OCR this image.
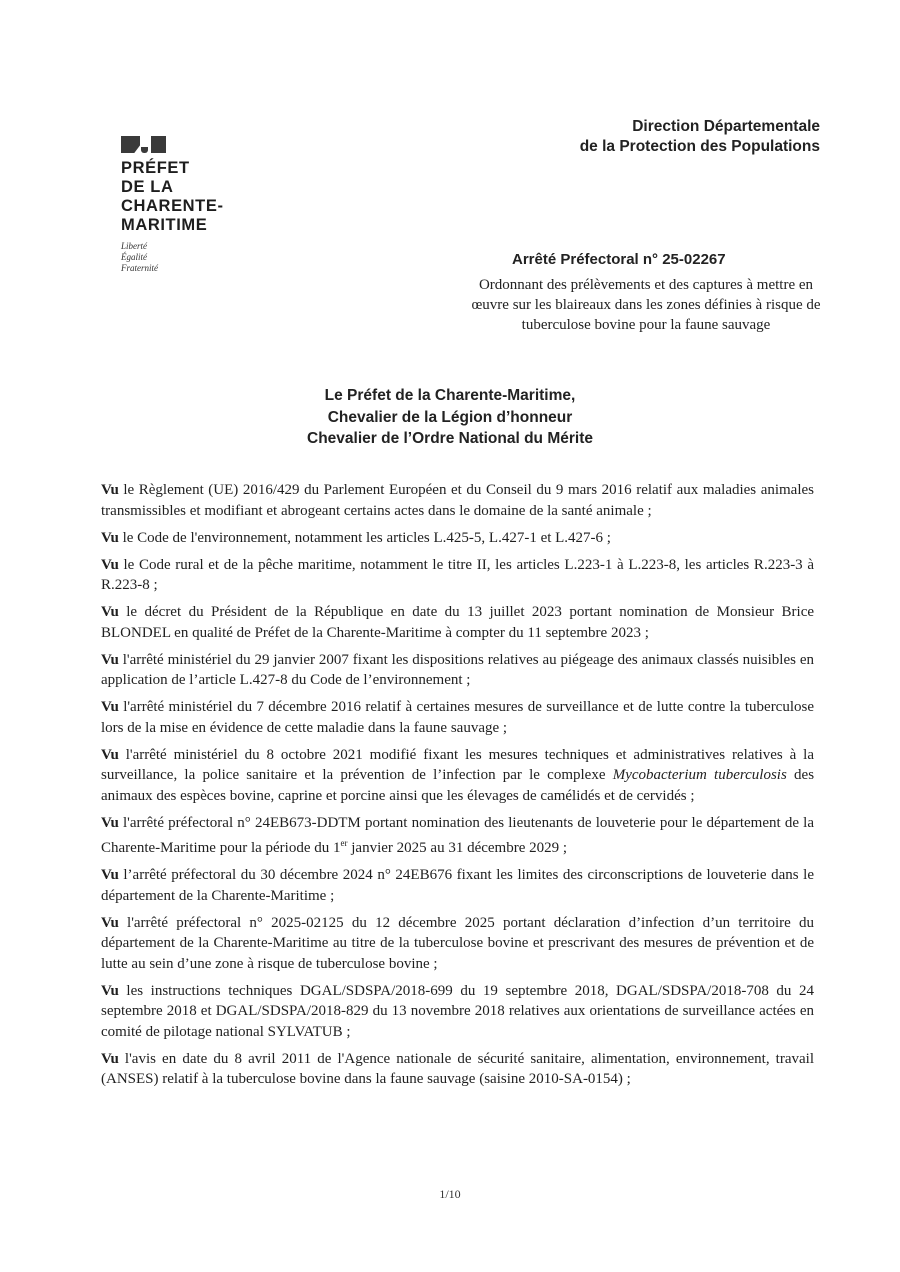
PRÉFET
DE LA
CHARENTE-
MARITIME
Liberté
Égalité
Fraternité
Direction Départementale
de la Protection des Populations
Arrêté Préfectoral n° 25-02267
Ordonnant des prélèvements et des captures à mettre en œuvre sur les blaireaux dans les zones définies à risque de tuberculose bovine pour la faune sauvage
Le Préfet de la Charente-Maritime,
Chevalier de la Légion d’honneur
Chevalier de l’Ordre National du Mérite

Vu le Règlement (UE) 2016/429 du Parlement Européen et du Conseil du 9 mars 2016 relatif aux maladies animales transmissibles et modifiant et abrogeant certains actes dans le domaine de la santé animale ;

Vu le Code de l'environnement, notamment les articles L.425-5, L.427-1 et L.427-6 ;

Vu le Code rural et de la pêche maritime, notamment le titre II, les articles L.223-1 à L.223-8, les articles R.223-3 à R.223-8 ;

Vu le décret du Président de la République en date du 13 juillet 2023 portant nomination de Monsieur Brice BLONDEL en qualité de Préfet de la Charente-Maritime à compter du 11 septembre 2023 ;

Vu l'arrêté ministériel du 29 janvier 2007 fixant les dispositions relatives au piégeage des animaux classés nuisibles en application de l’article L.427-8 du Code de l’environnement ;

Vu l'arrêté ministériel du 7 décembre 2016 relatif à certaines mesures de surveillance et de lutte contre la tuberculose lors de la mise en évidence de cette maladie dans la faune sauvage ;

Vu l'arrêté ministériel du 8 octobre 2021 modifié fixant les mesures techniques et administratives relatives à la surveillance, la police sanitaire et la prévention de l’infection par le complexe Mycobacterium tuberculosis des animaux des espèces bovine, caprine et porcine ainsi que les élevages de camélidés et de cervidés ;

Vu l'arrêté préfectoral n° 24EB673-DDTM portant nomination des lieutenants de louveterie pour le département de la Charente-Maritime pour la période du 1er janvier 2025 au 31 décembre 2029 ;

Vu l’arrêté préfectoral du 30 décembre 2024 n° 24EB676 fixant les limites des circonscriptions de louveterie dans le département de la Charente-Maritime ;

Vu l'arrêté préfectoral n° 2025-02125 du 12 décembre 2025 portant déclaration d’infection d’un territoire du département de la Charente-Maritime au titre de la tuberculose bovine et prescrivant des mesures de prévention et de lutte au sein d’une zone à risque de tuberculose bovine ;

Vu les instructions techniques DGAL/SDSPA/2018-699 du 19 septembre 2018, DGAL/SDSPA/2018-708 du 24 septembre 2018 et DGAL/SDSPA/2018-829 du 13 novembre 2018 relatives aux orientations de surveillance actées en comité de pilotage national SYLVATUB ;

Vu l'avis en date du 8 avril 2011 de l'Agence nationale de sécurité sanitaire, alimentation, environnement, travail (ANSES) relatif à la tuberculose bovine dans la faune sauvage (saisine 2010-SA-0154) ;

1/10
